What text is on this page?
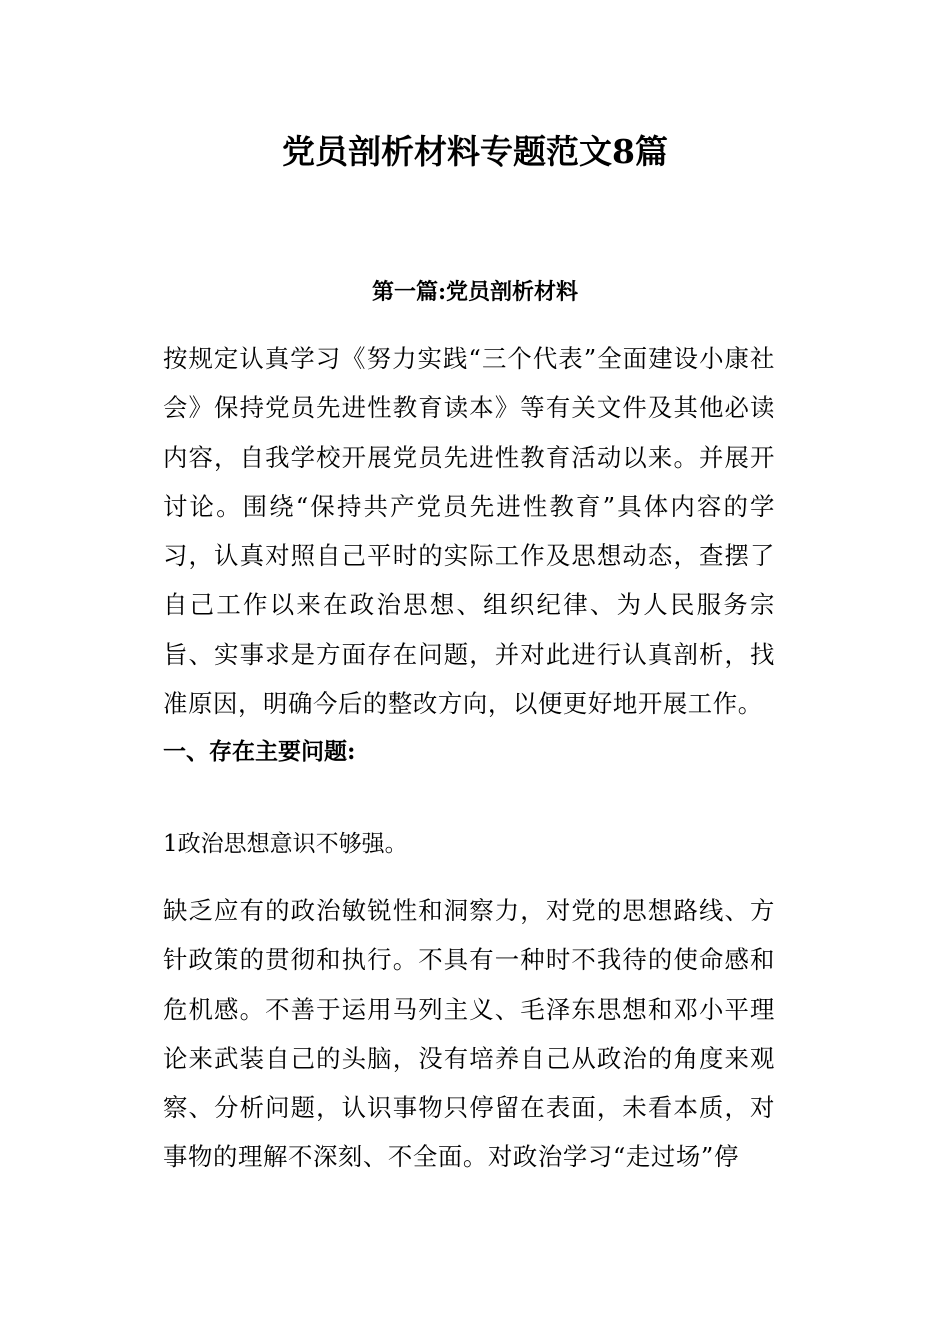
党员剖析材料专题范文8篇
第一篇:党员剖析材料

按规定认真学习《努力实践“三个代表”全面建设小康社会》保持党员先进性教育读本》等有关文件及其他必读内容，自我学校开展党员先进性教育活动以来。并展开讨论。围绕“保持共产党员先进性教育”具体内容的学习，认真对照自己平时的实际工作及思想动态，查摆了自己工作以来在政治思想、组织纪律、为人民服务宗旨、实事求是方面存在问题，并对此进行认真剖析，找准原因，明确今后的整改方向，以便更好地开展工作。

一、存在主要问题:

1政治思想意识不够强。

缺乏应有的政治敏锐性和洞察力，对党的思想路线、方针政策的贯彻和执行。不具有一种时不我待的使命感和危机感。不善于运用马列主义、毛泽东思想和邓小平理论来武装自己的头脑，没有培养自己从政治的角度来观察、分析问题，认识事物只停留在表面，未看本质，对事物的理解不深刻、不全面。对政治学习“走过场”停
